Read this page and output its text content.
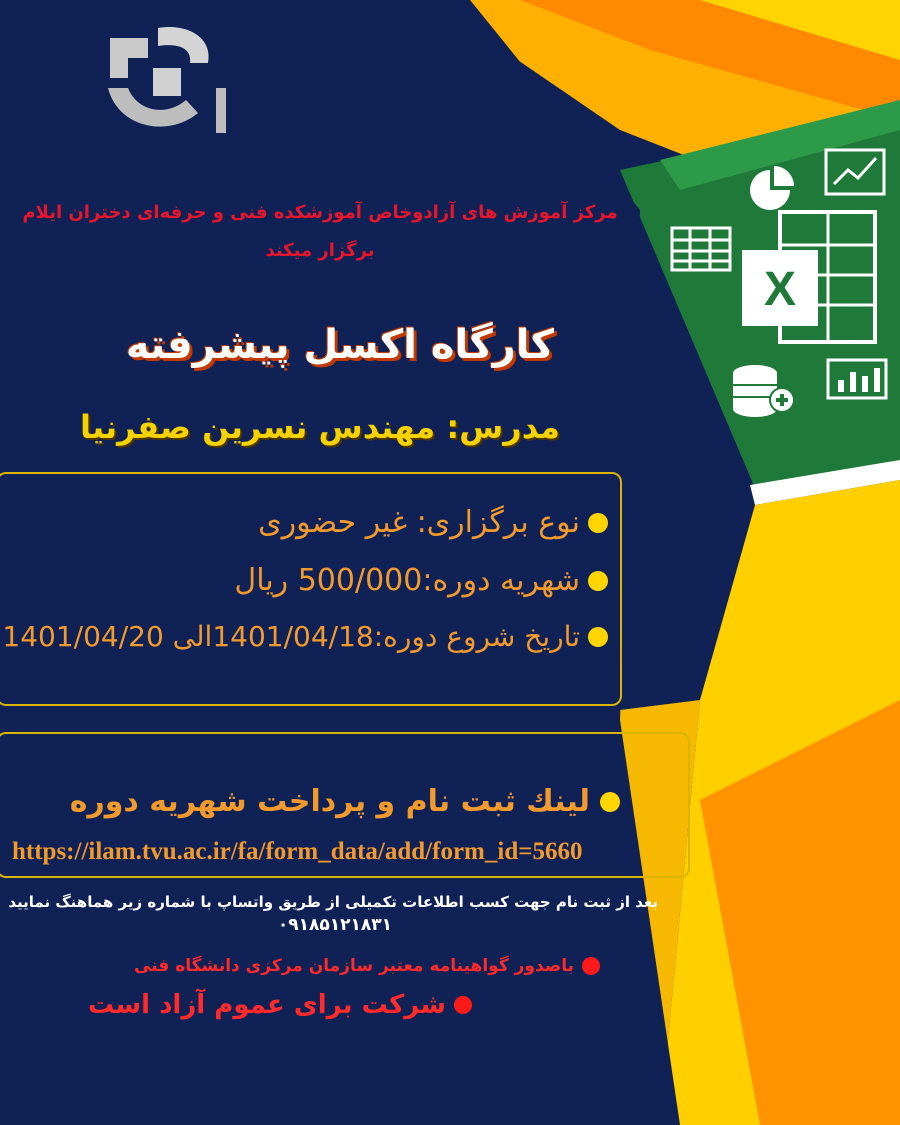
X
مرکز آموزش های آزادوخاص آموزشکده فنی و حرفه‌ای دختران ایلام
برگزار میکند
کارگاه اکسل پیشرفته
مدرس: مهندس نسرین صفرنیا
نوع برگزاری: غیر حضوری
شهریه دوره:500/000 ریال
تاریخ شروع دوره:1401/04/18الی 1401/04/20
لینك ثبت نام و پرداخت شهریه دوره
https://ilam.tvu.ac.ir/fa/form_data/add/form_id=5660
بعد از ثبت نام جهت کسب اطلاعات تکمیلی از طریق واتساپ با شماره زیر هماهنگ نمایید
۰۹۱۸۵۱۲۱۸۳۱
باصدور گواهینامه معتبر سازمان مرکزی دانشگاه فنی
شرکت برای عموم آزاد است
